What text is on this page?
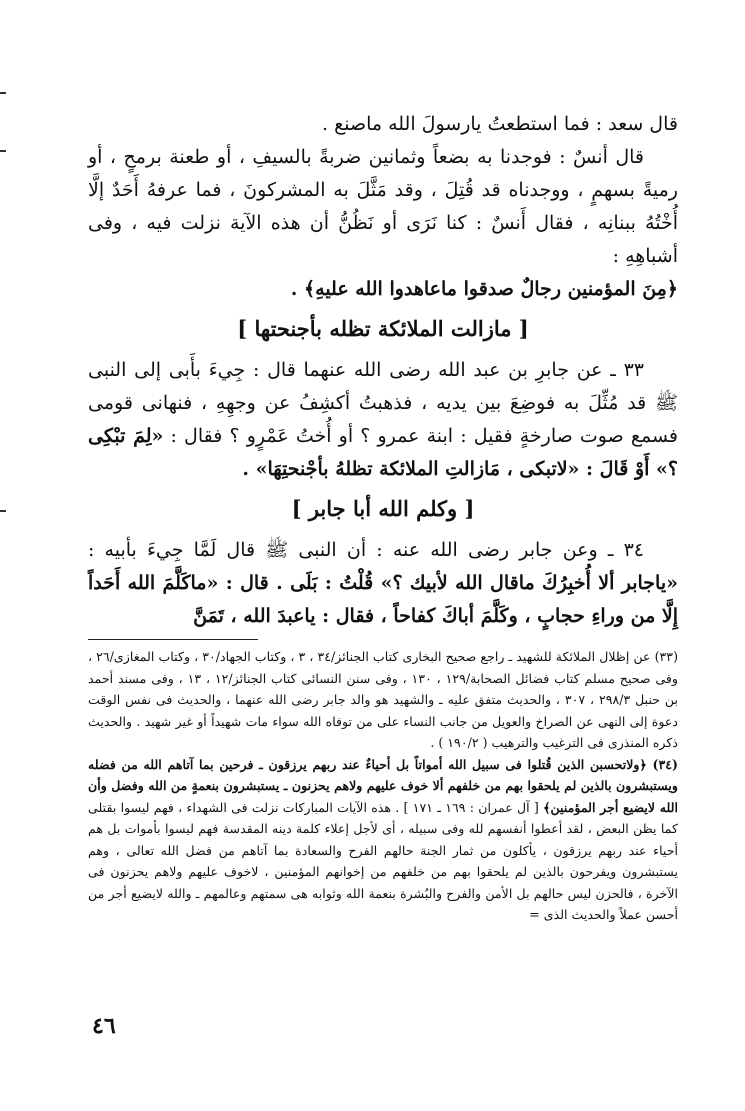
قال سعد : فما استطعتُ يارسولَ الله ماصنع .

قال أنسٌ : فوجدنا به بضعاً وثمانين ضربةً بالسيفِ ، أو طعنة برمحٍ ، أو رميةً بسهمٍ ، ووجدناه قد قُتِلَ ، وقد مَثَّلَ به المشركونَ ، فما عرفهُ أَحَدٌ إلَّا أُخْتُهُ ببنانِه ، فقال أَنسٌ : كنا نَرَى أو نَظُنُّ أن هذه الآية نزلت فيه ، وفى أشباهِهِ :

﴿مِنَ المؤمنين رجالٌ صدقوا ماعاهدوا الله عليهِ﴾ .

[ مازالت الملائكة تظله بأجنحتها ]

٣٣ ـ عن جابرِ بن عبد الله رضى الله عنهما قال : جِيءَ بأَبى إلى النبى ﷺ قد مُثِّلَ به فوضِعَ بين يديه ، فذهبتُ أكشِفُ عن وجهِهِ ، فنهانى قومى فسمع صوت صارخةٍ فقيل : ابنة عمرو ؟ أو أُختُ عَمْرٍو ؟ فقال : «لِمَ تبْكِى ؟» أَوْ قَالَ : «لاتبكى ، مَازالتِ الملائكة تظلهُ بأجْنحتِهَا» .

[ وكلم الله أبا جابر ]

٣٤ ـ وعن جابر رضى الله عنه : أن النبى ﷺ قال لَمَّا جِيءَ بأبيه : «ياجابر ألا أُخبِرُكَ ماقال الله لأبيك ؟» قُلْتُ : بَلَى . قال : «ماكَلَّمَ الله أَحَداً إِلَّا من وراءِ حجابٍ ، وكَلَّمَ أباكَ كفاحاً ، فقال : ياعبدَ الله ، تَمَنَّ

(٣٣) عن إظلال الملائكة للشهيد ـ راجع صحيح البخارى كتاب الجنائز/٣٤ ، ٣ ، وكتاب الجهاد/٣٠ ، وكتاب المغازى/٢٦ ، وفى صحيح مسلم كتاب فضائل الصحابة/١٢٩ ، ١٣٠ ، وفى سنن النسائى كتاب الجنائز/١٢ ، ١٣ ، وفى مسند أحمد بن حنبل ٢٩٨/٣ ، ٣٠٧ ، والحديث متفق عليه ـ والشهيد هو والد جابر رضى الله عنهما ، والحديث فى نفس الوقت دعوة إلى النهى عن الصراخ والعويل من جانب النساء على من توفاه الله سواء مات شهيداً أو غير شهيد . والحديث ذكره المنذرى فى الترغيب والترهيب ( ١٩٠/٢ ) .

(٣٤) ﴿ولاتحسبن الذين قُتلوا فى سبيل الله أمواتاً بل أحياءٌ عند ربهم يرزقون ـ فرحين بما آتاهم الله من فضله ويستبشرون بالذين لم يلحقوا بهم من خلفهم ألا خوف عليهم ولاهم يحزنون ـ يستبشرون بنعمةٍ من الله وفضل وأن الله لايضيع أجر المؤمنين﴾ [ آل عمران : ١٦٩ ـ ١٧١ ] . هذه الآيات المباركات نزلت فى الشهداء ، فهم ليسوا بقتلى كما يظن البعض ، لقد أعطوا أنفسهم لله وفى سبيله ، أى لأجل إعلاء كلمة دينه المقدسة فهم ليسوا بأموات بل هم أحياء عند ربهم يرزقون ، يأكلون من ثمار الجنة حالهم الفرح والسعادة بما آتاهم من فضل الله تعالى ، وهم يستبشرون ويفرحون بالذين لم يلحقوا بهم من خلفهم من إخوانهم المؤمنين ، لاخوف عليهم ولاهم يحزنون فى الآخرة ، فالحزن ليس حالهم بل الأمن والفرح والبُشرة بنعمة الله وثوابه هى سمتهم وعالمهم ـ والله لايضيع أجر من أحسن عملاً والحديث الذى =

٤٦
